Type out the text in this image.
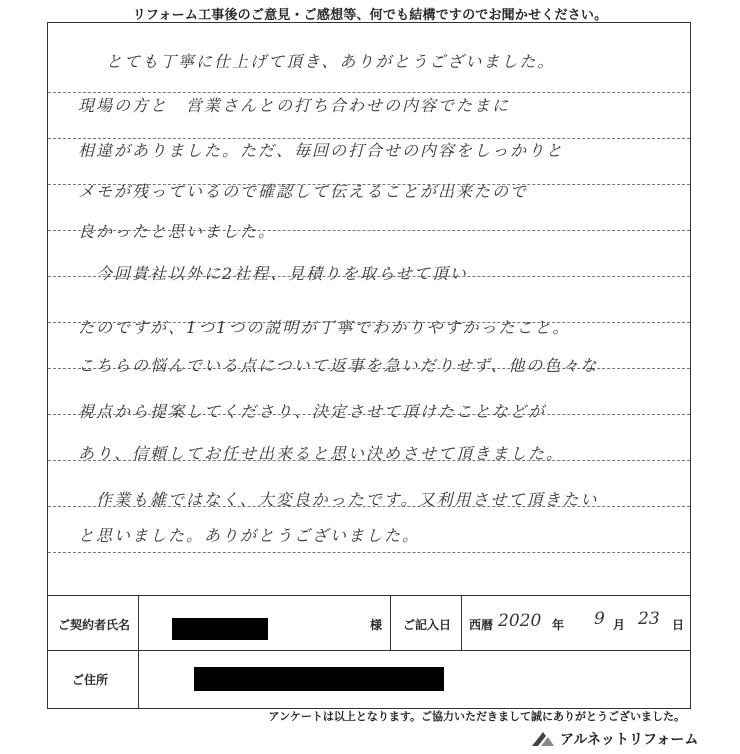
リフォーム工事後のご意見・ご感想等、何でも結構ですのでお聞かせください。
とても丁寧に仕上げて頂き、ありがとうございました。
現場の方と　営業さんとの打ち合わせの内容でたまに
相違がありました。ただ、毎回の打合せの内容をしっかりと
メモが残っているので確認して伝えることが出来たので
良かったと思いました。
　今回貴社以外に2社程、見積りを取らせて頂い
たのですが、1つ1つの説明が丁寧でわかりやすかったこと。
こちらの悩んでいる点について返事を急いだりせず、他の色々な
視点から提案してくださり、決定させて頂けたことなどが
あり、信頼してお任せ出来ると思い決めさせて頂きました。
　作業も雑ではなく、大変良かったです。又利用させて頂きたい
と思いました。ありがとうございました。
ご契約者氏名	様 ご記入日 西暦 2020 年 9 月 23 日
ご住所
アンケートは以上となります。ご協力いただきまして誠にありがとうございました。
アルネットリフォーム
